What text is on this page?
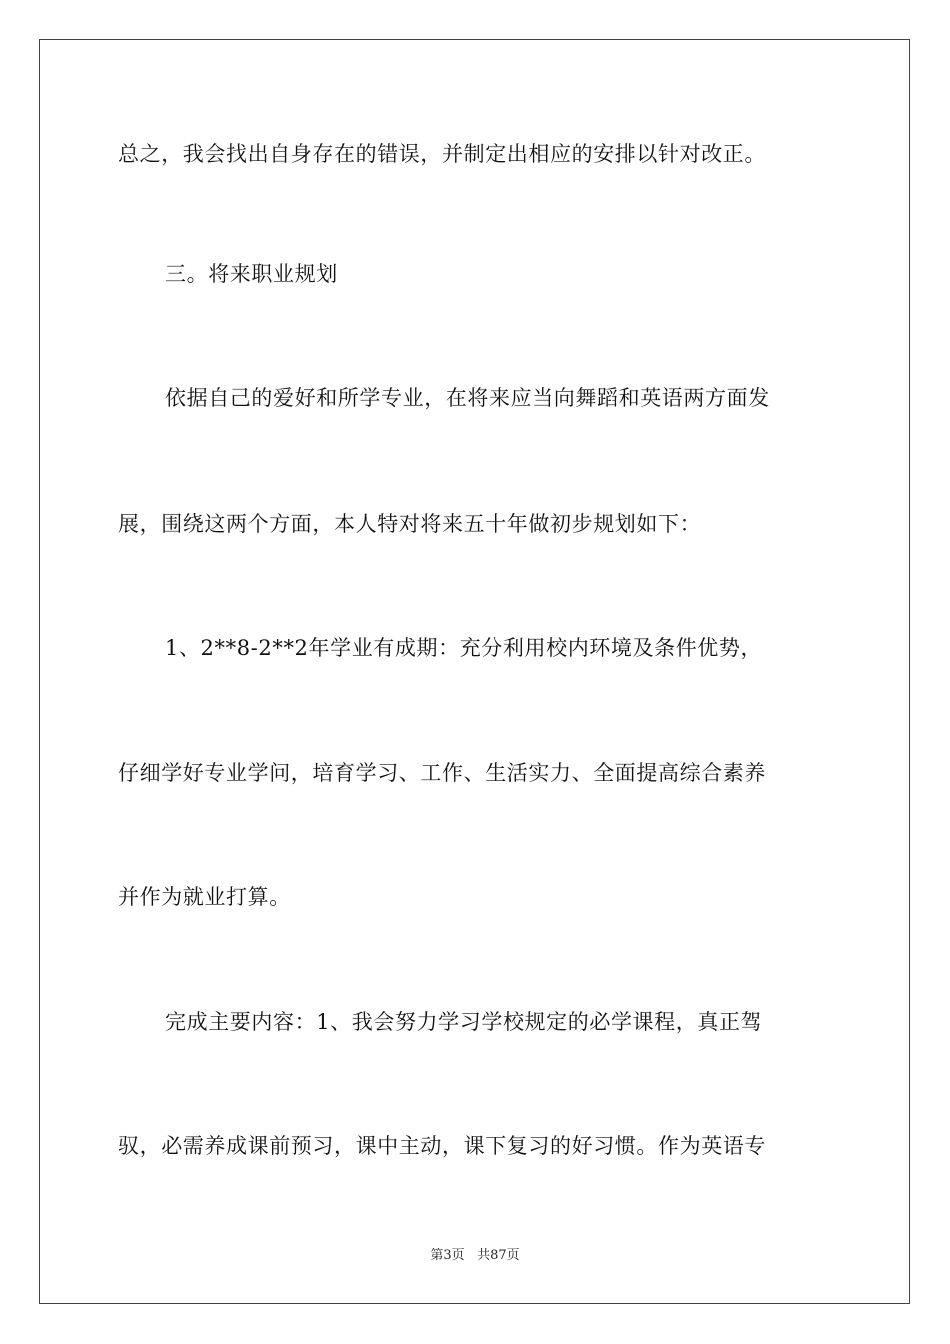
总之，我会找出自身存在的错误，并制定出相应的安排以针对改正。
三。将来职业规划
依据自己的爱好和所学专业，在将来应当向舞蹈和英语两方面发
展，围绕这两个方面，本人特对将来五十年做初步规划如下：
1、2**8-2**2年学业有成期：充分利用校内环境及条件优势，
仔细学好专业学问，培育学习、工作、生活实力、全面提高综合素养
并作为就业打算。
完成主要内容：1、我会努力学习学校规定的必学课程，真正驾
驭，必需养成课前预习，课中主动，课下复习的好习惯。作为英语专
第3页 共87页
